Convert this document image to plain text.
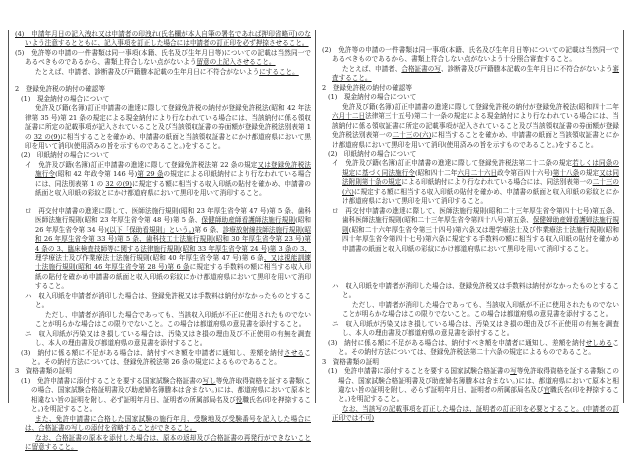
(4)　申請年月日の記入洩れ又は申請者の印洩れ(氏名欄が本人自筆の署名であれば押印省略可)のないよう注意するとともに、記入事項を訂正した場合には申請者の訂正印を必ず押捺させること。

(5)　免許等の申請の一件書類は同一事項(本籍、氏名及び生年月日等)についての記載は当然同一であるべきものであるから、書類上符合しない点がないよう留意の上記入させること。

たとえば、申請者、診断書及び戸籍謄本記載の生年月日に不符合がないようにすること。

2　登録免許税の納付の確認等

(1)　現金納付の場合について

免許及び籍(名簿)訂正申請書の進達に際して登録免許税の納付が登録免許税法(昭和 42 年法律第 35 号)第 21 条の規定による現金納付により行なわれている場合には、当該納付に係る領収証書に所定の記載事項が記入されていること及び当該領収証書の券面額が登録免許税法別表第 1 の 32 の(9)に相当することを確かめ、申請書の紙面と当該領収証書とにかけ都道府県において黒印を用いて消印(使用済みの旨を示すものであること。)をすること。

(2)　印紙納付の場合について

イ　免許及び籍(名簿)訂正申請書の進達に際して登録免許税法第 22 条の規定又は登録免許税法施行令(昭和 42 年政令第 146 号)第 29 条の規定による印紙納付により行なわれている場合には、同法別表第 1 の 32 の(9)に規定する額に相当する収入印紙の貼付を確かめ、申請書の紙面と収入印紙の彩紋とにかけ都道府県において黒印を用いて消印すること。

ロ　再交付申請書の進達に際して、医師法施行規則(昭和 23 年厚生省令第 47 号)第 5 条、歯科医師法施行規則(昭和 23 年厚生省令第 48 号)第 5 条、保健師助産師看護師法施行規則(昭和 26 年厚生省令第 34 号)(以下「保助看規則」という。)第 6 条、診療放射線技師法施行規則(昭和 26 年厚生省令第 33 号)第 5 条、歯科技工士法施行規則(昭和 30 年厚生省令第 23 号)第 4 条の 3、臨床検査技師等に関する法律施行規則(昭和 33 年厚生省令第 24 号)第 3 条の 3、理学療法士及び作業療法士法施行規則(昭和 40 年厚生省令第 47 号)第 6 条、又は視能訓練士法施行規則(昭和 46 年厚生省令第 28 号)第 6 条に規定する手数料の額に相当する収入印紙の貼付を確かめ申請書の紙面と収入印紙の彩紋にかけ都道府県において黒印を用いて消印すること。

ハ　収入印紙を申請者が消印した場合は、登録免許税又は手数料は納付がなかったものとすること。

ただし、申請者が消印した場合であっても、当該収入印紙が不正に使用されたものでないことが明らかな場合はこの限りでないこと。この場合は都道府県の意見書を添付すること。

ニ　収入印紙が汚染又はき損している場合は、汚染又はき損の理由及び不正使用の有無を調査し、本人の理由書及び都道府県の意見書を添付すること。

(3)　納付に係る額に不足がある場合は、納付すべき額を申請者に通知し、差額を納付させること。その納付方法については、登録免許税法第 26 条の規定によるものであること。

3　資格書類の証明

(1)　免許申請書に添付することを要する国家試験合格証書の写し等免許取得資格を証する書類(この場合、国家試験合格証明書及び助産婦名簿謄本は含まない。)には、都道府県において原本と相違ない旨の証明を附し、必ず証明年月日、証明者の所属部局名及び役職氏名(印を押捺すること。)を明記すること。

また、免許申請書に合格した国家試験の施行年月、受験地及び受験番号を記入した場合には、合格証書の写しの添付を省略することができること。

なお、合格証書の原本を添付した場合は、原本の返却及び合格証書の再発行ができないことに留意すること。

(2)　免許等の申請の一件書類は同一事項(本籍、氏名及び生年月日等)についての記載は当然同一であるべきものであるから、書類上符合しない点がないよう十分照合審査すること。

たとえば、申請者、合格証書の写、診断書及び戸籍謄本記載の生年月日に不符合がないよう審査すること。

2　登録免許税の納付の確認等

(1)　現金納付の場合について

免許及び籍(名簿)訂正申請書の進達に際して登録免許税の納付が登録免許税法(昭和四十二年六月十二日法律第三十五号)第二十一条の規定による現金納付により行なわれている場合には、当該納付に係る領収証書に所定の記載事項が記入されていること及び当該領収証書の券面額が登録免許税法別表第一の二十三の(六)に相当することを確かめ、申請書の紙面と当該領収証書とにかけ都道府県において黒印を用いて消印(使用済みの旨を示すものであること。)をすること。

(2)　印紙納付の場合について

イ　免許及び籍(名簿)訂正申請書の進達に際して登録免許税法第二十二条の規定若しくは同条の規定に基づく同法施行令(昭和四十二年六月二十六日政令第百四十六号)第十八条の規定又は同法附則第十条の規定による印紙納付により行なわれている場合には、同法別表第一の二十三の(六)に規定する額に相当する収入印紙の貼付を確かめ、申請書の紙面と収入印紙の彩紋とにかけ都道府県において黒印を用いて消印すること。

ロ　再交付申請書の進達に際して、医師法施行規則(昭和二十三年厚生省令第四十七号)第五条、歯科医師法施行規則(昭和二十三年厚生省令第四十八号)第五条、保健婦助産婦看護婦法施行規則(昭和二十六年厚生省令第三十四号)第六条又は理学療法士及び作業療法士法施行規則(昭和四十年厚生省令第四十七号)第六条に規定する手数料の額に相当する収入印紙の貼付を確かめ申請書の紙面と収入印紙の彩紋にかけ都道府県において黒印を用いて消印すること。

ハ　収入印紙を申請者が消印した場合は、登録免許税又は手数料は納付がなかったものとすること。

ただし、申請者が消印した場合であっても、当該収入印紙が不正に使用されたものでないことが明らかな場合はこの限りでないこと。この場合は都道府県の意見書を添付すること。

ニ　収入印紙が汚染又はき損している場合は、汚染又はき損の理由及び不正使用の有無を調査し、本人の理由書及び都道府県の意見書を添付すること。

(3)　納付に係る額に不足がある場合は、納付すべき額を申請者に通知し、差額を納付せしめること。その納付方法については、登録免許税法第二十六条の規定によるものであること。

3　資格書類の証明

(1)　免許申請書に添付することを要する国家試験合格証書の写等免許取得資格を証する書類(この場合、国家試験合格証明書及び助産婦名簿謄本は含まない。)には、都道府県において原本と相違ない旨の証明を附し、必らず証明年月日、証明者の所属部局名及び官職氏名(印を押捺すること。)を明記すること。

なお、当該写の記載事項を訂正した場合は、証明者の訂正印を必要とすること。(申請者の訂正印では不可)
